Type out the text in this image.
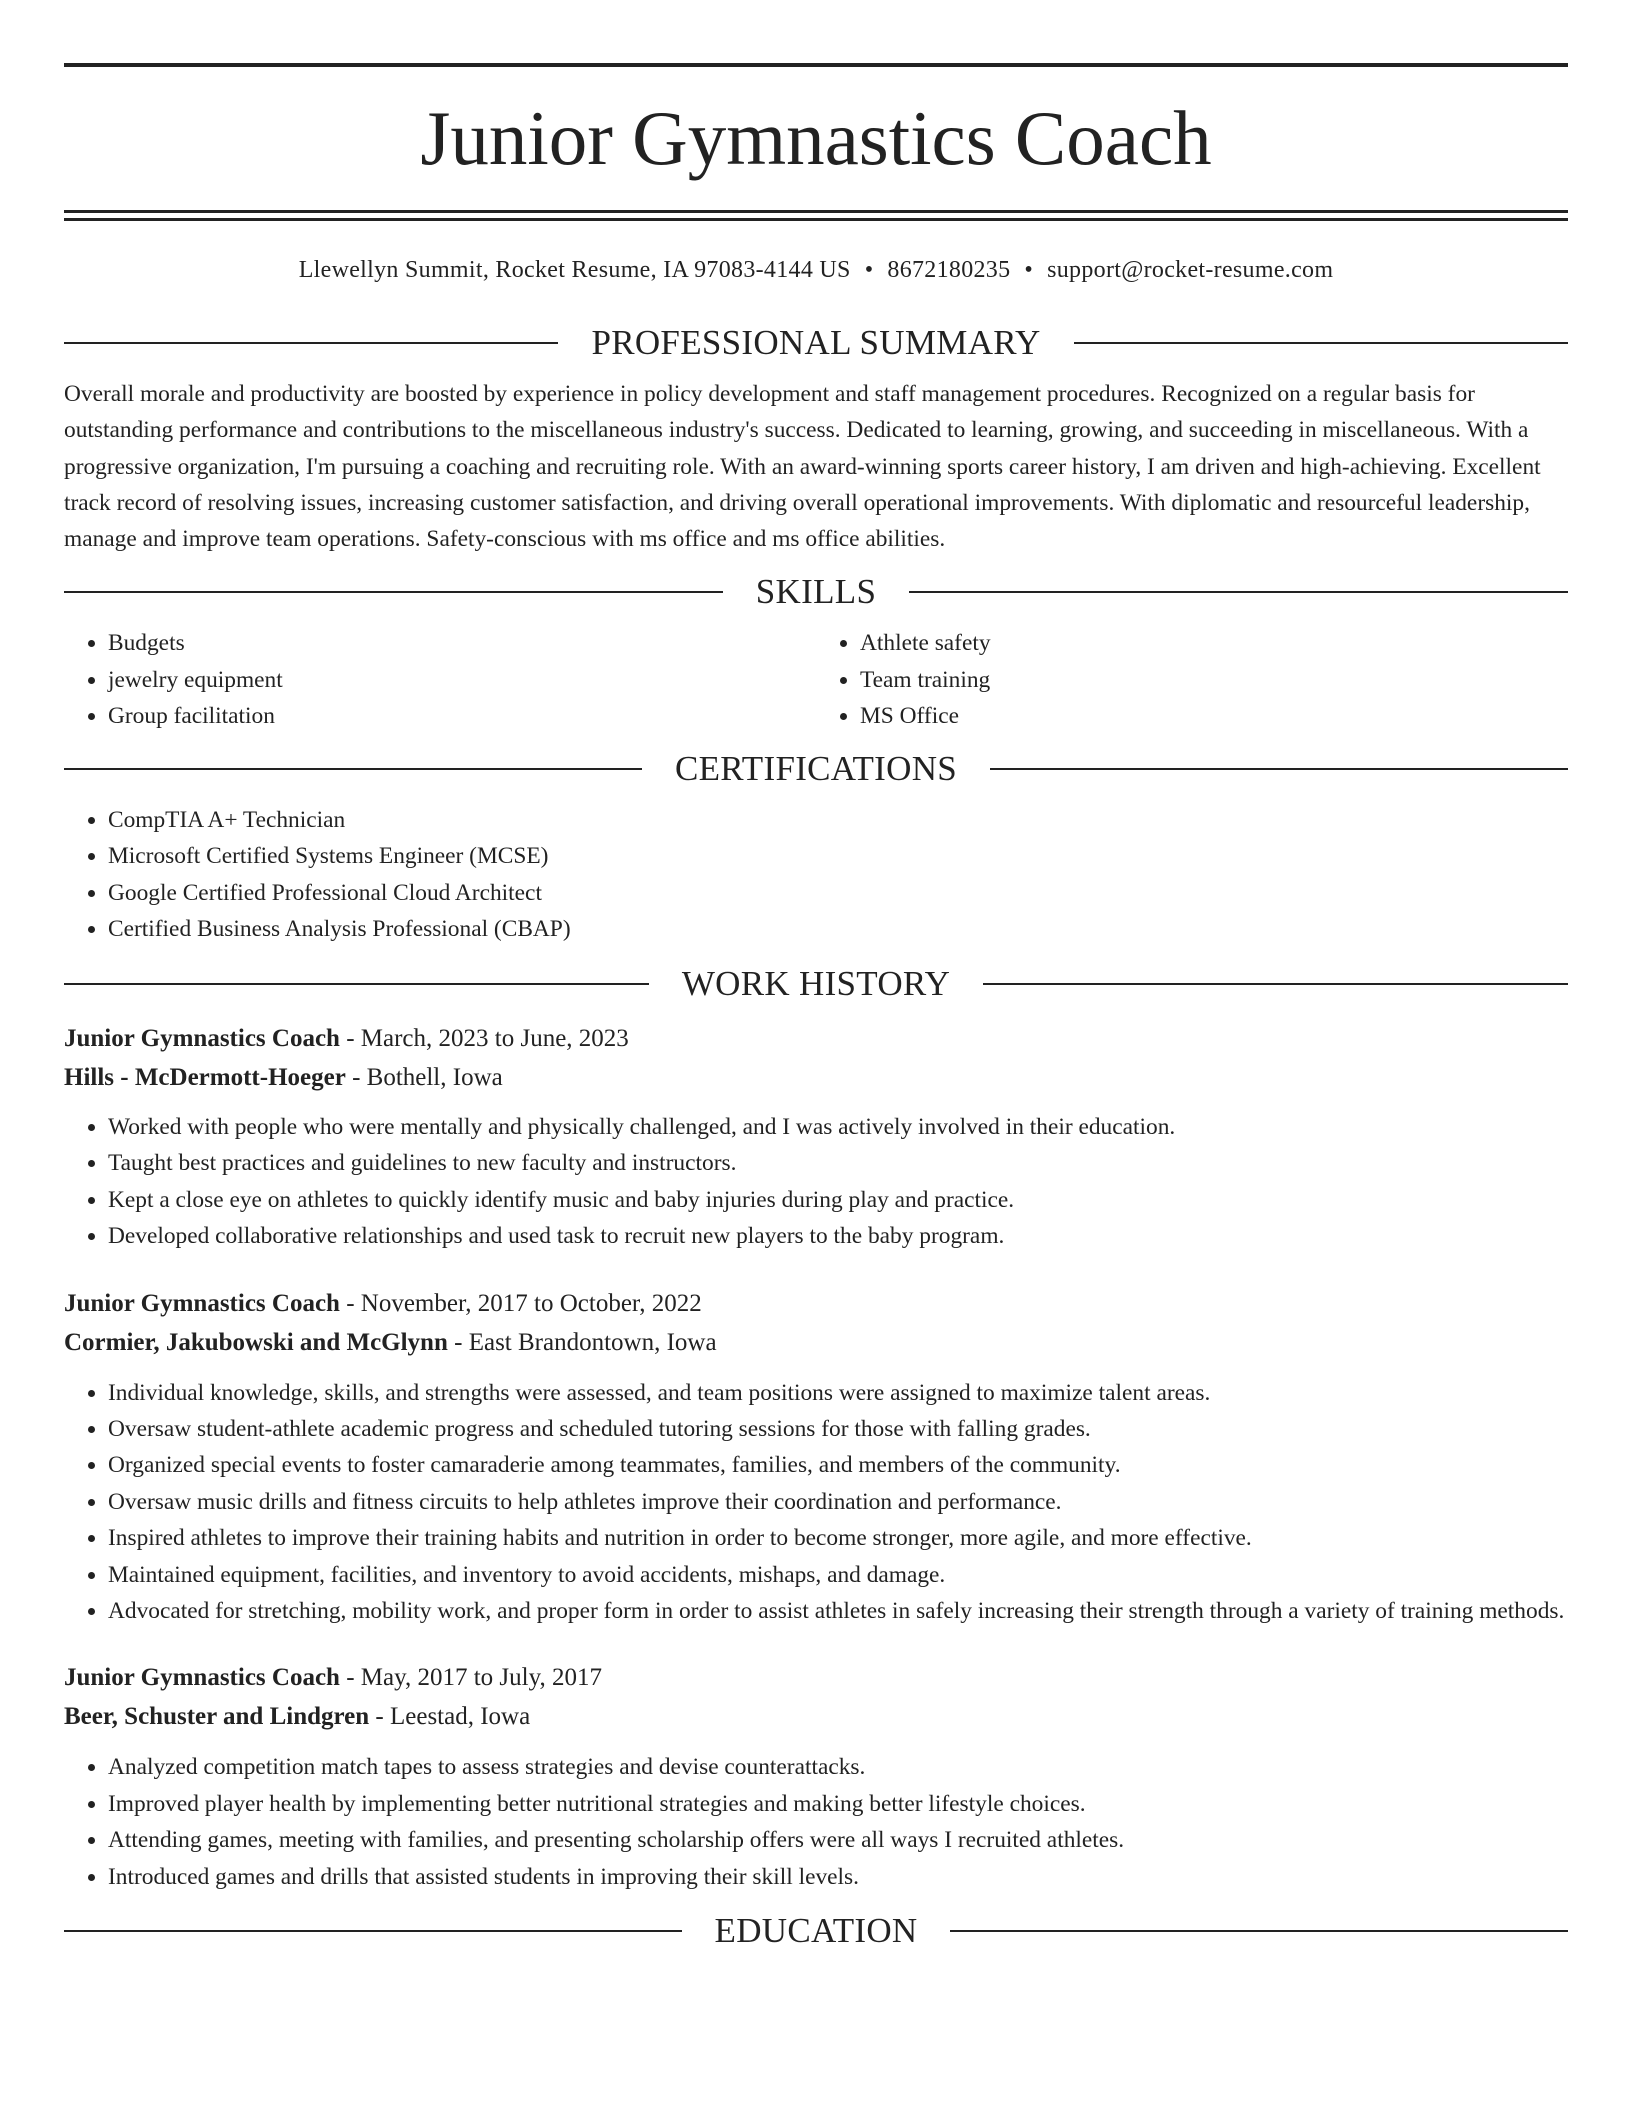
Junior Gymnastics Coach
Llewellyn Summit, Rocket Resume, IA 97083-4144 US • 8672180235 • support@rocket-resume.com
PROFESSIONAL SUMMARY

Overall morale and productivity are boosted by experience in policy development and staff management procedures. Recognized on a regular basis for outstanding performance and contributions to the miscellaneous industry's success. Dedicated to learning, growing, and succeeding in miscellaneous. With a progressive organization, I'm pursuing a coaching and recruiting role. With an award-winning sports career history, I am driven and high-achieving. Excellent track record of resolving issues, increasing customer satisfaction, and driving overall operational improvements. With diplomatic and resourceful leadership, manage and improve team operations. Safety-conscious with ms office and ms office abilities.

SKILLS
• Budgets
• jewelry equipment
• Group facilitation
• Athlete safety
• Team training
• MS Office
CERTIFICATIONS
• CompTIA A+ Technician
• Microsoft Certified Systems Engineer (MCSE)
• Google Certified Professional Cloud Architect
• Certified Business Analysis Professional (CBAP)
WORK HISTORY
Junior Gymnastics Coach - March, 2023 to June, 2023
Hills - McDermott-Hoeger - Bothell, Iowa
• Worked with people who were mentally and physically challenged, and I was actively involved in their education.
• Taught best practices and guidelines to new faculty and instructors.
• Kept a close eye on athletes to quickly identify music and baby injuries during play and practice.
• Developed collaborative relationships and used task to recruit new players to the baby program.
Junior Gymnastics Coach - November, 2017 to October, 2022
Cormier, Jakubowski and McGlynn - East Brandontown, Iowa
• Individual knowledge, skills, and strengths were assessed, and team positions were assigned to maximize talent areas.
• Oversaw student-athlete academic progress and scheduled tutoring sessions for those with falling grades.
• Organized special events to foster camaraderie among teammates, families, and members of the community.
• Oversaw music drills and fitness circuits to help athletes improve their coordination and performance.
• Inspired athletes to improve their training habits and nutrition in order to become stronger, more agile, and more effective.
• Maintained equipment, facilities, and inventory to avoid accidents, mishaps, and damage.
• Advocated for stretching, mobility work, and proper form in order to assist athletes in safely increasing their strength through a variety of training methods.
Junior Gymnastics Coach - May, 2017 to July, 2017
Beer, Schuster and Lindgren - Leestad, Iowa
• Analyzed competition match tapes to assess strategies and devise counterattacks.
• Improved player health by implementing better nutritional strategies and making better lifestyle choices.
• Attending games, meeting with families, and presenting scholarship offers were all ways I recruited athletes.
• Introduced games and drills that assisted students in improving their skill levels.
EDUCATION
